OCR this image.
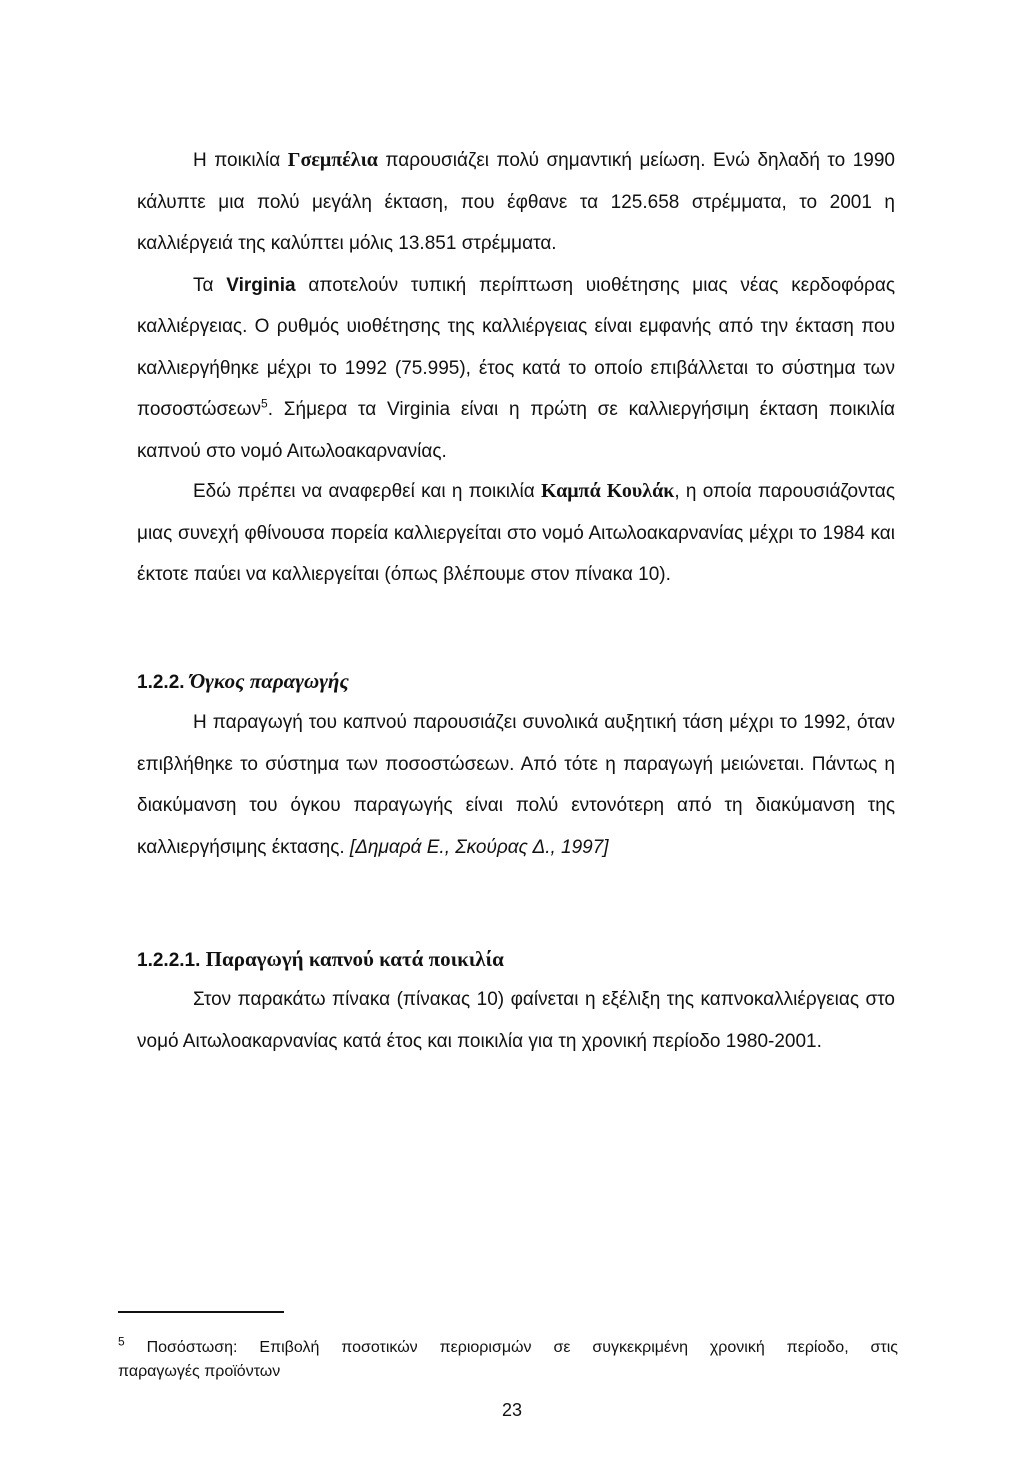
Η ποικιλία Γσεμπέλια παρουσιάζει πολύ σημαντική μείωση. Ενώ δηλαδή το 1990 κάλυπτε μια πολύ μεγάλη έκταση, που έφθανε τα 125.658 στρέμματα, το 2001 η καλλιέργειά της καλύπτει μόλις 13.851 στρέμματα.
Τα Virginia αποτελούν τυπική περίπτωση υιοθέτησης μιας νέας κερδοφόρας καλλιέργειας. Ο ρυθμός υιοθέτησης της καλλιέργειας είναι εμφανής από την έκταση που καλλιεργήθηκε μέχρι το 1992 (75.995), έτος κατά το οποίο επιβάλλεται το σύστημα των ποσοστώσεων$^5$. Σήμερα τα Virginia είναι η πρώτη σε καλλιεργήσιμη έκταση ποικιλία καπνού στο νομό Αιτωλοακαρνανίας.
Εδώ πρέπει να αναφερθεί και η ποικιλία Καμπά Κουλάκ, η οποία παρουσιάζοντας μιας συνεχή φθίνουσα πορεία καλλιεργείται στο νομό Αιτωλοακαρνανίας μέχρι το 1984 και έκτοτε παύει να καλλιεργείται (όπως βλέπουμε στον πίνακα 10).
1.2.2. Όγκος παραγωγής
Η παραγωγή του καπνού παρουσιάζει συνολικά αυξητική τάση μέχρι το 1992, όταν επιβλήθηκε το σύστημα των ποσοστώσεων. Από τότε η παραγωγή μειώνεται. Πάντως η διακύμανση του όγκου παραγωγής είναι πολύ εντονότερη από τη διακύμανση της καλλιεργήσιμης έκτασης. [Δημαρά Ε., Σκούρας Δ., 1997]
1.2.2.1. Παραγωγή καπνού κατά ποικιλία
Στον παρακάτω πίνακα (πίνακας 10) φαίνεται η εξέλιξη της καπνοκαλλιέργειας στο νομό Αιτωλοακαρνανίας κατά έτος και ποικιλία για τη χρονική περίοδο 1980-2001.
$^5$ Ποσόστωση: Επιβολή ποσοτικών περιορισμών σε συγκεκριμένη χρονική περίοδο, στις
παραγωγές προϊόντων
23
